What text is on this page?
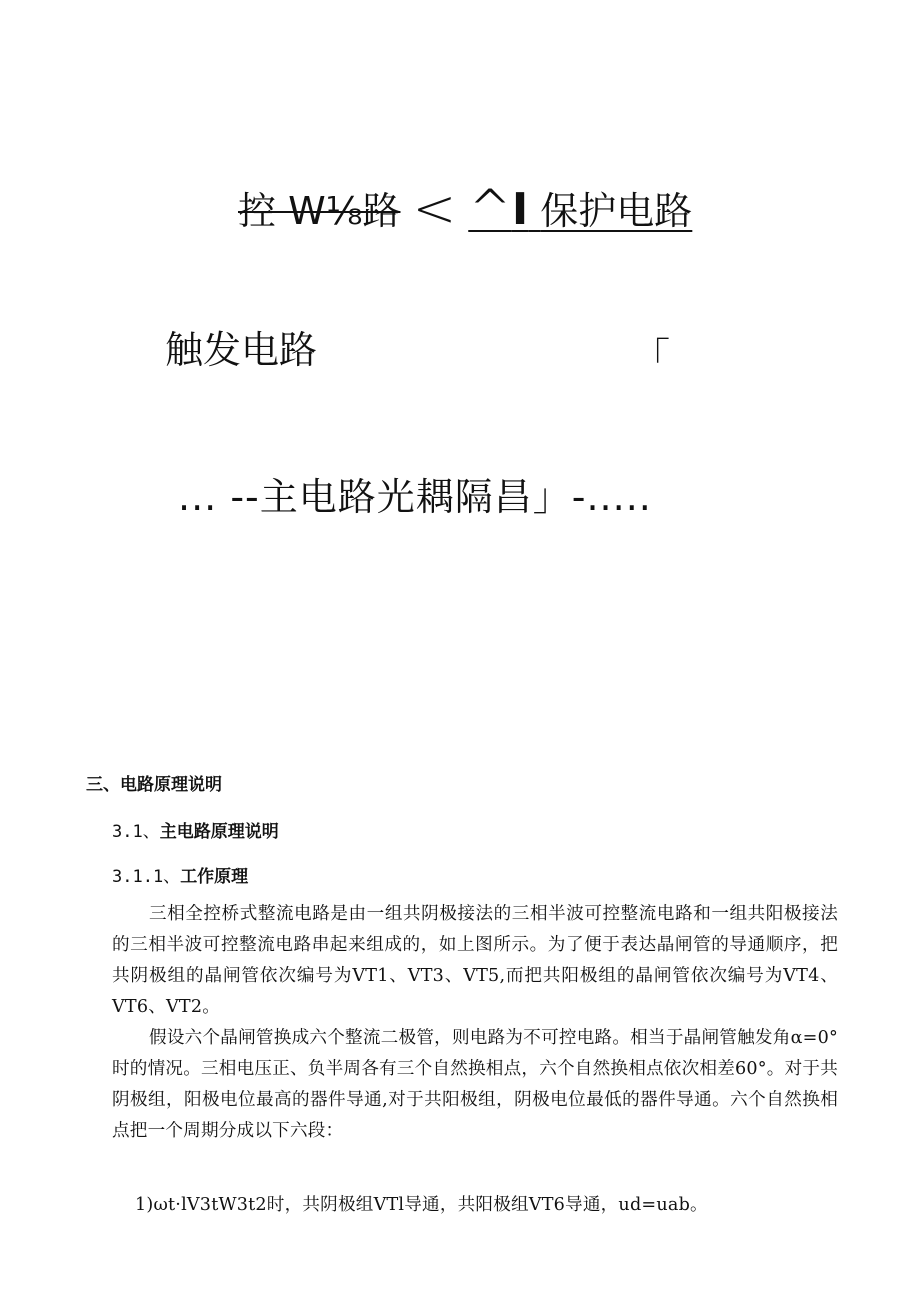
控 W⅛路 < ^I 保护电路
触发电路	「
... --主电路光耦隔昌」-.....
三、电路原理说明
3.1、主电路原理说明
3.1.1、工作原理
三相全控桥式整流电路是由一组共阴极接法的三相半波可控整流电路和一组共阳极接法的三相半波可控整流电路串起来组成的，如上图所示。为了便于表达晶闸管的导通顺序，把共阴极组的晶闸管依次编号为VT1、VT3、VT5,而把共阳极组的晶闸管依次编号为VT4、VT6、VT2。
假设六个晶闸管换成六个整流二极管，则电路为不可控电路。相当于晶闸管触发角α=0°时的情况。三相电压正、负半周各有三个自然换相点，六个自然换相点依次相差60°。对于共阴极组，阳极电位最高的器件导通,对于共阳极组，阴极电位最低的器件导通。六个自然换相点把一个周期分成以下六段：
1)ωt·lV3tW3t2时，共阴极组VTl导通，共阳极组VT6导通，ud=uab。
